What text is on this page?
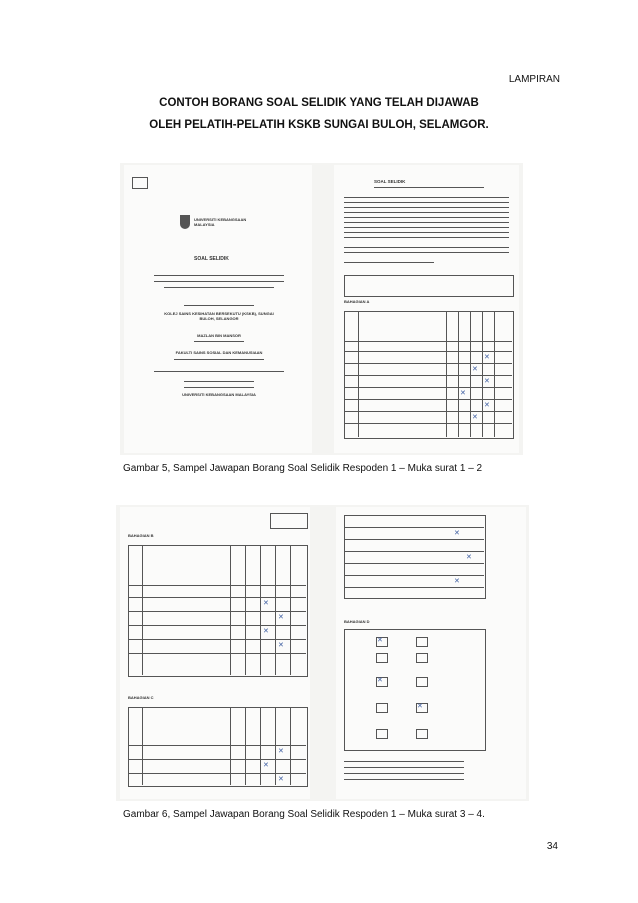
LAMPIRAN
CONTOH BORANG SOAL SELIDIK YANG TELAH DIJAWAB
OLEH PELATIH-PELATIH KSKB SUNGAI BULOH, SELAMGOR.
UNIVERSITI KEBANGSAAN MALAYSIA
SOAL SELIDIK
KOLEJ SAINS KESIHATAN BERSEKUTU (KSKB), SUNGAI BULOH, SELANGOR
MAZLAN BIN MANSOR
FAKULTI SAINS SOSIAL DAN KEMANUSIAAN
UNIVERSITI KEBANGSAAN MALAYSIA
SOAL SELIDIK
BAHAGIAN A
✕
✕
✕
✕
✕
✕
Gambar 5, Sampel Jawapan Borang Soal Selidik Respoden 1 – Muka surat 1 – 2
BAHAGIAN B
✕
✕
✕
✕
BAHAGIAN C
✕
✕
✕
✕
✕
✕
BAHAGIAN D
✕
✕
✕
Gambar 6, Sampel Jawapan Borang Soal Selidik Respoden 1 – Muka surat 3 – 4.
34
